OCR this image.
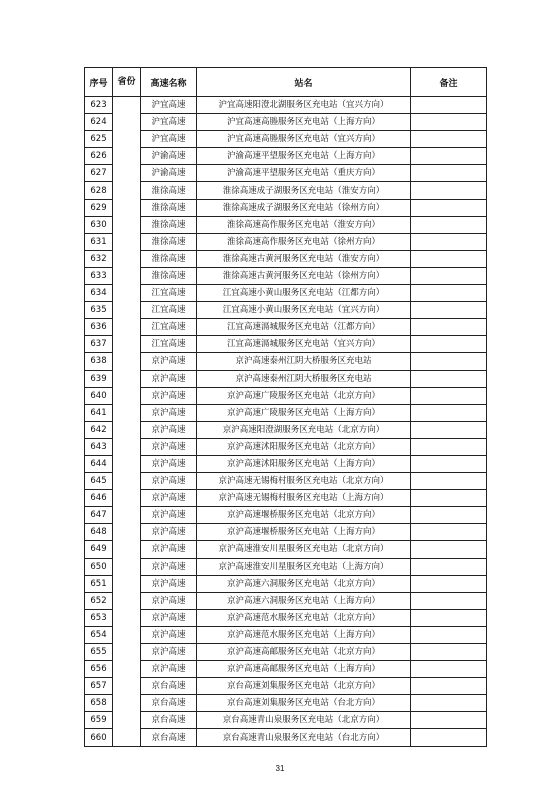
序号	省份	高速名称	站名	备注
623		沪宜高速	沪宜高速阳澄北湖服务区充电站（宜兴方向）	
624		沪宜高速	沪宜高速高塍服务区充电站（上海方向）	
625		沪宜高速	沪宜高速高塍服务区充电站（宜兴方向）	
626		沪渝高速	沪渝高速平望服务区充电站（上海方向）	
627		沪渝高速	沪渝高速平望服务区充电站（重庆方向）	
628		淮徐高速	淮徐高速成子湖服务区充电站（淮安方向）	
629		淮徐高速	淮徐高速成子湖服务区充电站（徐州方向）	
630		淮徐高速	淮徐高速高作服务区充电站（淮安方向）	
631		淮徐高速	淮徐高速高作服务区充电站（徐州方向）	
632		淮徐高速	淮徐高速古黄河服务区充电站（淮安方向）	
633		淮徐高速	淮徐高速古黄河服务区充电站（徐州方向）	
634		江宜高速	江宜高速小黄山服务区充电站（江都方向）	
635		江宜高速	江宜高速小黄山服务区充电站（宜兴方向）	
636		江宜高速	江宜高速滆城服务区充电站（江都方向）	
637		江宜高速	江宜高速滆城服务区充电站（宜兴方向）	
638		京沪高速	京沪高速泰州江阴大桥服务区充电站	
639		京沪高速	京沪高速泰州江阴大桥服务区充电站	
640		京沪高速	京沪高速广陵服务区充电站（北京方向）	
641		京沪高速	京沪高速广陵服务区充电站（上海方向）	
642		京沪高速	京沪高速阳澄湖服务区充电站（北京方向）	
643		京沪高速	京沪高速沭阳服务区充电站（北京方向）	
644		京沪高速	京沪高速沭阳服务区充电站（上海方向）	
645		京沪高速	京沪高速无锡梅村服务区充电站（北京方向）	
646		京沪高速	京沪高速无锡梅村服务区充电站（上海方向）	
647		京沪高速	京沪高速堰桥服务区充电站（北京方向）	
648		京沪高速	京沪高速堰桥服务区充电站（上海方向）	
649		京沪高速	京沪高速淮安川星服务区充电站（北京方向）	
650		京沪高速	京沪高速淮安川星服务区充电站（上海方向）	
651		京沪高速	京沪高速六洞服务区充电站（北京方向）	
652		京沪高速	京沪高速六洞服务区充电站（上海方向）	
653		京沪高速	京沪高速范水服务区充电站（北京方向）	
654		京沪高速	京沪高速范水服务区充电站（上海方向）	
655		京沪高速	京沪高速高邮服务区充电站（北京方向）	
656		京沪高速	京沪高速高邮服务区充电站（上海方向）	
657		京台高速	京台高速刘集服务区充电站（北京方向）	
658		京台高速	京台高速刘集服务区充电站（台北方向）	
659		京台高速	京台高速青山泉服务区充电站（北京方向）	
660		京台高速	京台高速青山泉服务区充电站（台北方向）	
31
